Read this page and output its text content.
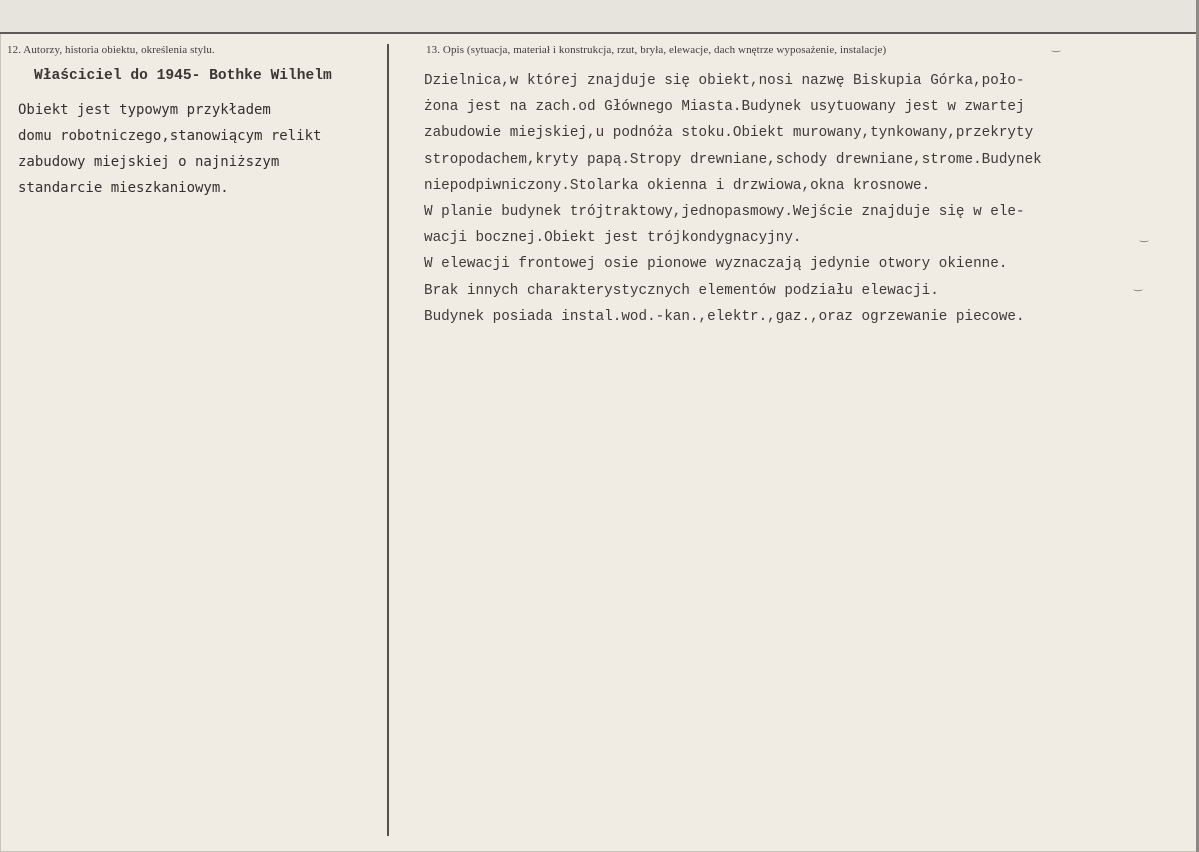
12. Autorzy, historia obiektu, określenia stylu.	13. Opis (sytuacja, materiał i konstrukcja, rzut, bryła, elewacje, dach wnętrze wyposażenie, instalacje)
Właściciel do 1945- Bothke Wilhelm
Obiekt jest typowym przykładem
domu robotniczego,stanowiącym relikt
zabudowy miejskiej o najniższym
standarcie mieszkaniowym.
Dzielnica,w której znajduje się obiekt,nosi nazwę Biskupia Górka,poło-
żona jest na zach.od Głównego Miasta.Budynek usytuowany jest w zwartej
zabudowie miejskiej,u podnóża stoku.Obiekt murowany,tynkowany,przekryty
stropodachem,kryty papą.Stropy drewniane,schody drewniane,strome.Budynek
niepodpiwniczony.Stolarka okienna i drzwiowa,okna krosnowe.
W planie budynek trójtraktowy,jednopasmowy.Wejście znajduje się w ele-
wacji bocznej.Obiekt jest trójkondygnacyjny.
W elewacji frontowej osie pionowe wyznaczają jedynie otwory okienne.
Brak innych charakterystycznych elementów podziału elewacji.
Budynek posiada instal.wod.-kan.,elektr.,gaz.,oraz ogrzewanie piecowe.
‿
‿
‿
